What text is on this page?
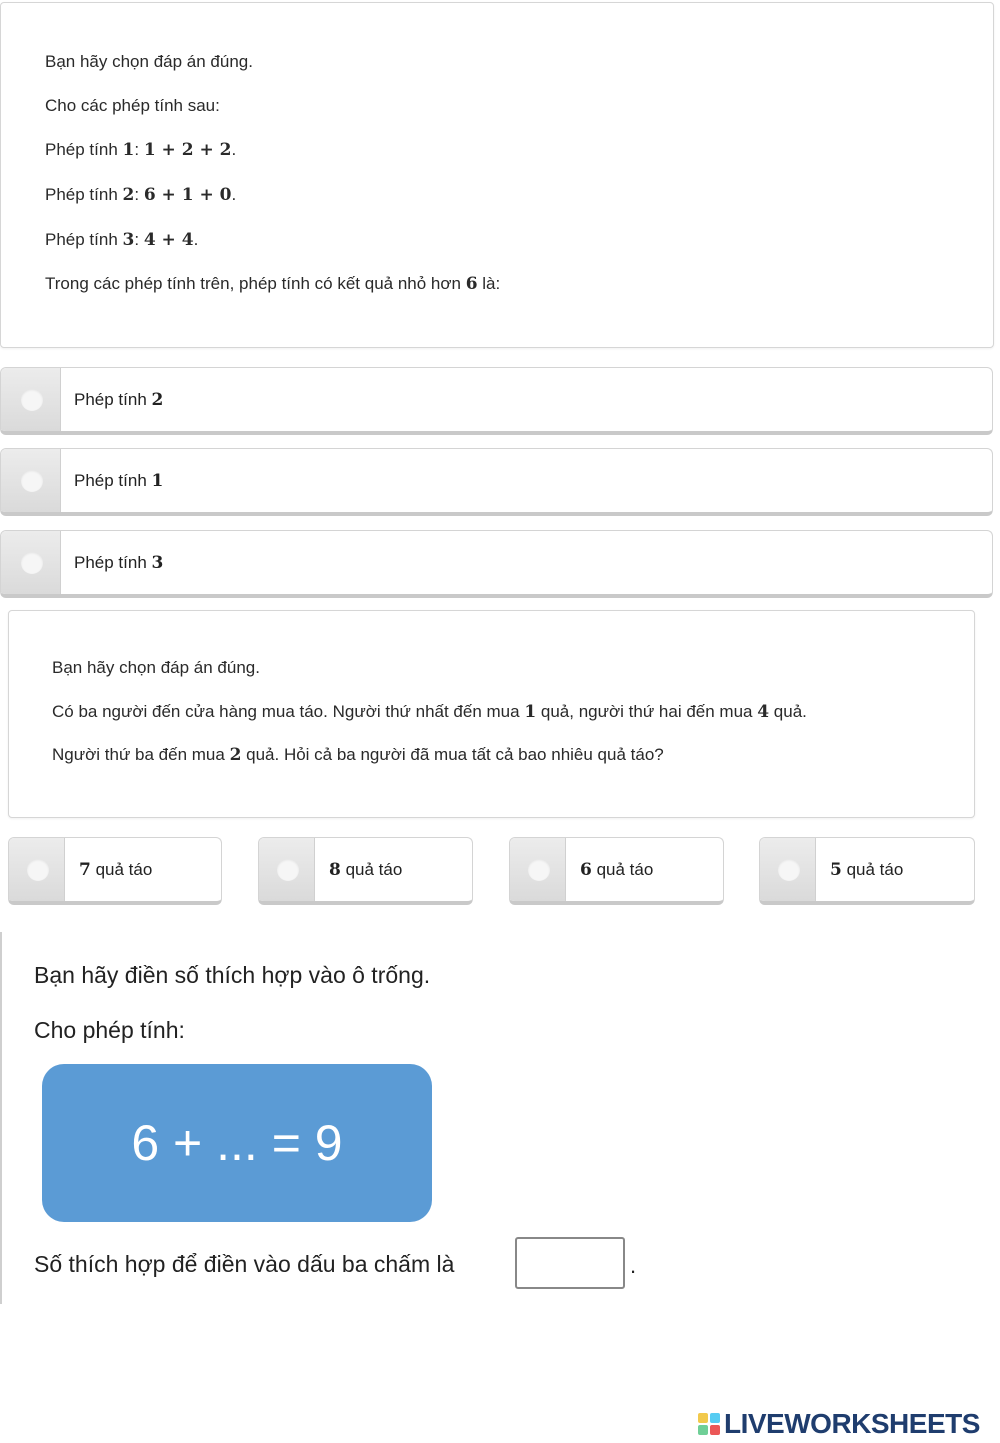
Bạn hãy chọn đáp án đúng.
Cho các phép tính sau:
Phép tính 1: 1 + 2 + 2.
Phép tính 2: 6 + 1 + 0.
Phép tính 3: 4 + 4.
Trong các phép tính trên, phép tính có kết quả nhỏ hơn 6 là:
Phép tính 2
Phép tính 1
Phép tính 3
Bạn hãy chọn đáp án đúng.
Có ba người đến cửa hàng mua táo. Người thứ nhất đến mua 1 quả, người thứ hai đến mua 4 quả.
Người thứ ba đến mua 2 quả. Hỏi cả ba người đã mua tất cả bao nhiêu quả táo?
7 quả táo	8 quả táo	6 quả táo	5 quả táo
Bạn hãy điền số thích hợp vào ô trống.
Cho phép tính:
6 + ... = 9
Số thích hợp để điền vào dấu ba chấm là	.
LIVEWORKSHEETS
